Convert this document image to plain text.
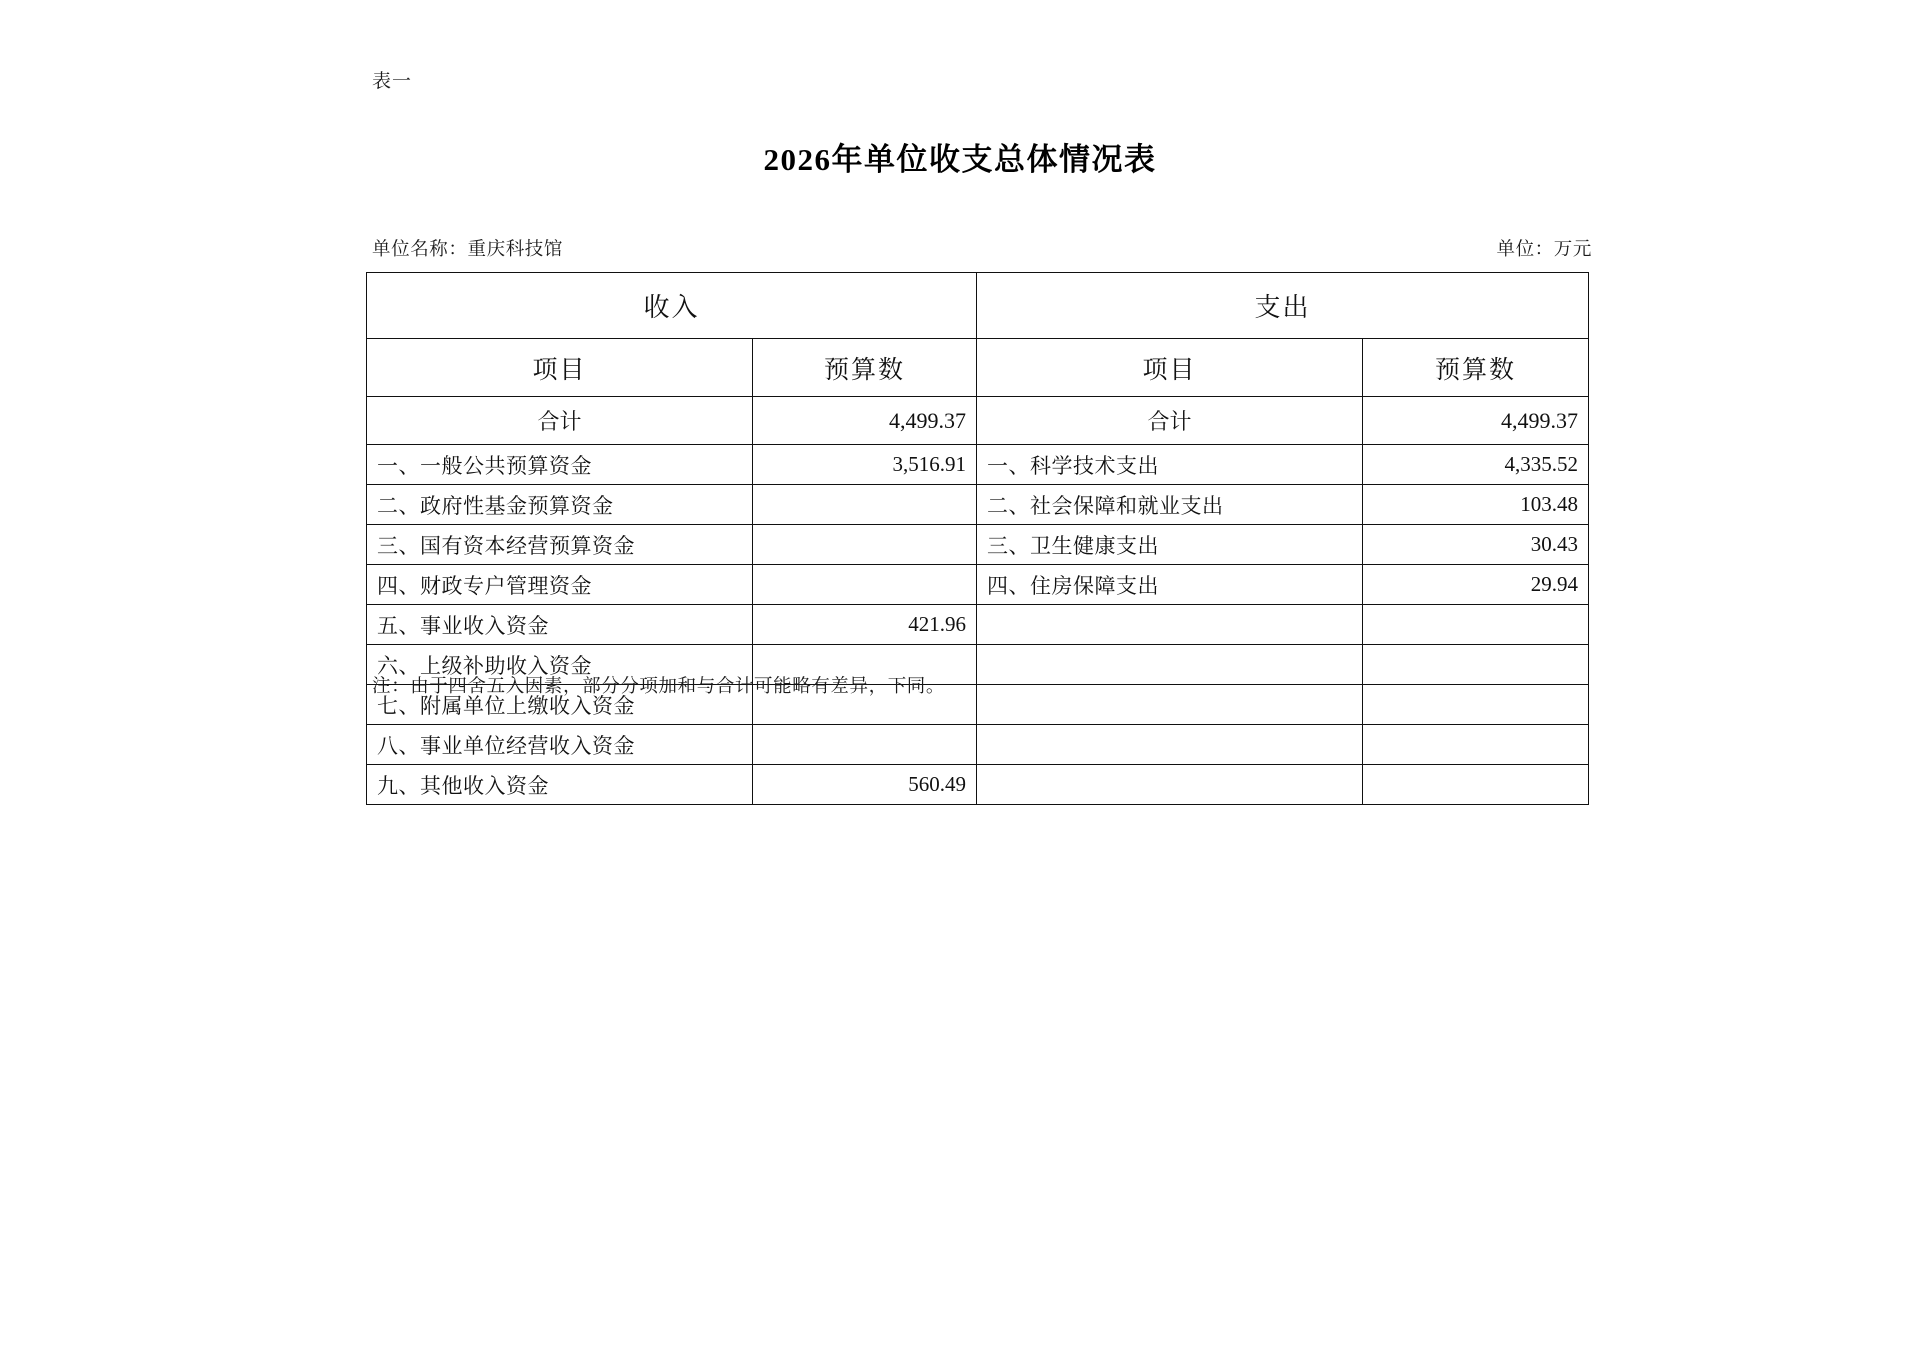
表一
2026年单位收支总体情况表
单位名称：重庆科技馆	单位：万元
收入		支出	
项目	预算数	项目	预算数
合计	4,499.37	合计	4,499.37
一、一般公共预算资金	3,516.91	一、科学技术支出	4,335.52
二、政府性基金预算资金		二、社会保障和就业支出	103.48
三、国有资本经营预算资金		三、卫生健康支出	30.43
四、财政专户管理资金		四、住房保障支出	29.94
五、事业收入资金	421.96		
六、上级补助收入资金			
七、附属单位上缴收入资金			
八、事业单位经营收入资金			
九、其他收入资金	560.49		
注：由于四舍五入因素，部分分项加和与合计可能略有差异，下同。
